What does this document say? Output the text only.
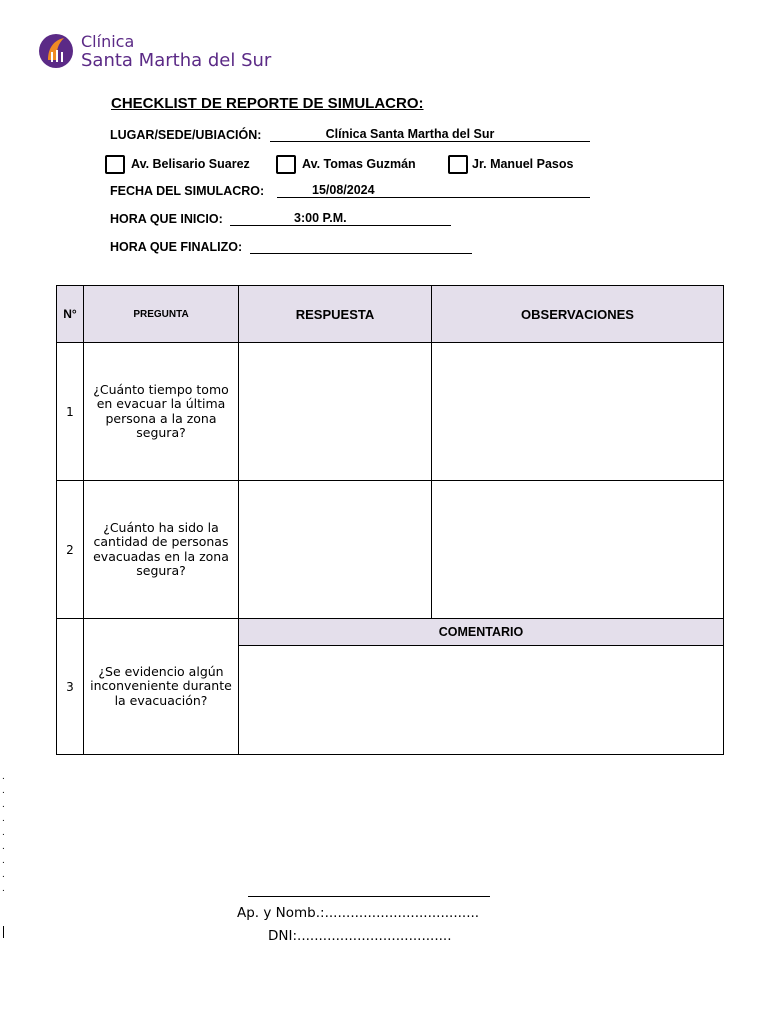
Clínica
Santa Martha del Sur
CHECKLIST DE REPORTE DE SIMULACRO:
LUGAR/SEDE/UBIACIÓN:	Clínica Santa Martha del Sur
Av. Belisario Suarez	Av. Tomas Guzmán	Jr. Manuel Pasos
FECHA DEL SIMULACRO:	15/08/2024
HORA QUE INICIO:	3:00 P.M.
HORA QUE FINALIZO:
N°	PREGUNTA	RESPUESTA	OBSERVACIONES
1	¿Cuánto tiempo tomo en evacuar la última persona a la zona segura?		
2	¿Cuánto ha sido la cantidad de personas evacuadas en la zona segura?		
3	¿Se evidencio algún inconveniente durante la evacuación?	COMENTARIO	

.
.
.
.
.
.
.
.
.
Ap. y Nomb.:....................................
DNI:....................................
